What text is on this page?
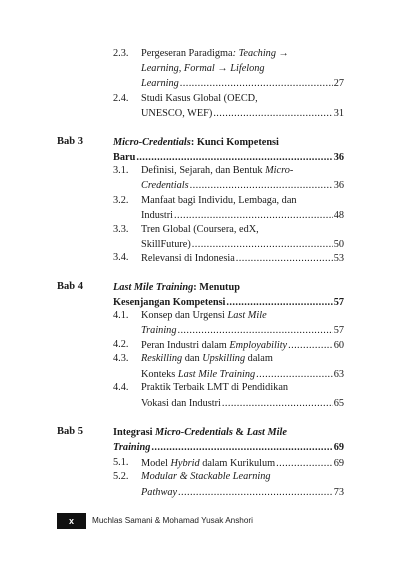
2.3. Pergeseran Paradigma: Teaching →
Learning, Formal → Lifelong
Learning .....	27
2.4. Studi Kasus Global (OECD,
UNESCO, WEF) .....	31
Bab 3	Micro-Credentials: Kunci Kompetensi
Baru .....	36
3.1. Definisi, Sejarah, dan Bentuk Micro-
Credentials .....	36
3.2. Manfaat bagi Individu, Lembaga, dan
Industri .....	48
3.3. Tren Global (Coursera, edX,
SkillFuture) .....	50
3.4. Relevansi di Indonesia .....	53
Bab 4	Last Mile Training: Menutup
Kesenjangan Kompetensi .....	57
4.1. Konsep dan Urgensi Last Mile
Training .....	57
4.2. Peran Industri dalam Employability .....	60
4.3. Reskilling dan Upskilling dalam
Konteks Last Mile Training .....	63
4.4. Praktik Terbaik LMT di Pendidikan
Vokasi dan Industri .....	65
Bab 5	Integrasi Micro-Credentials & Last Mile
Training .....	69
5.1. Model Hybrid dalam Kurikulum .....	69
5.2. Modular & Stackable Learning
Pathway .....	73
x	Muchlas Samani & Mohamad Yusak Anshori
